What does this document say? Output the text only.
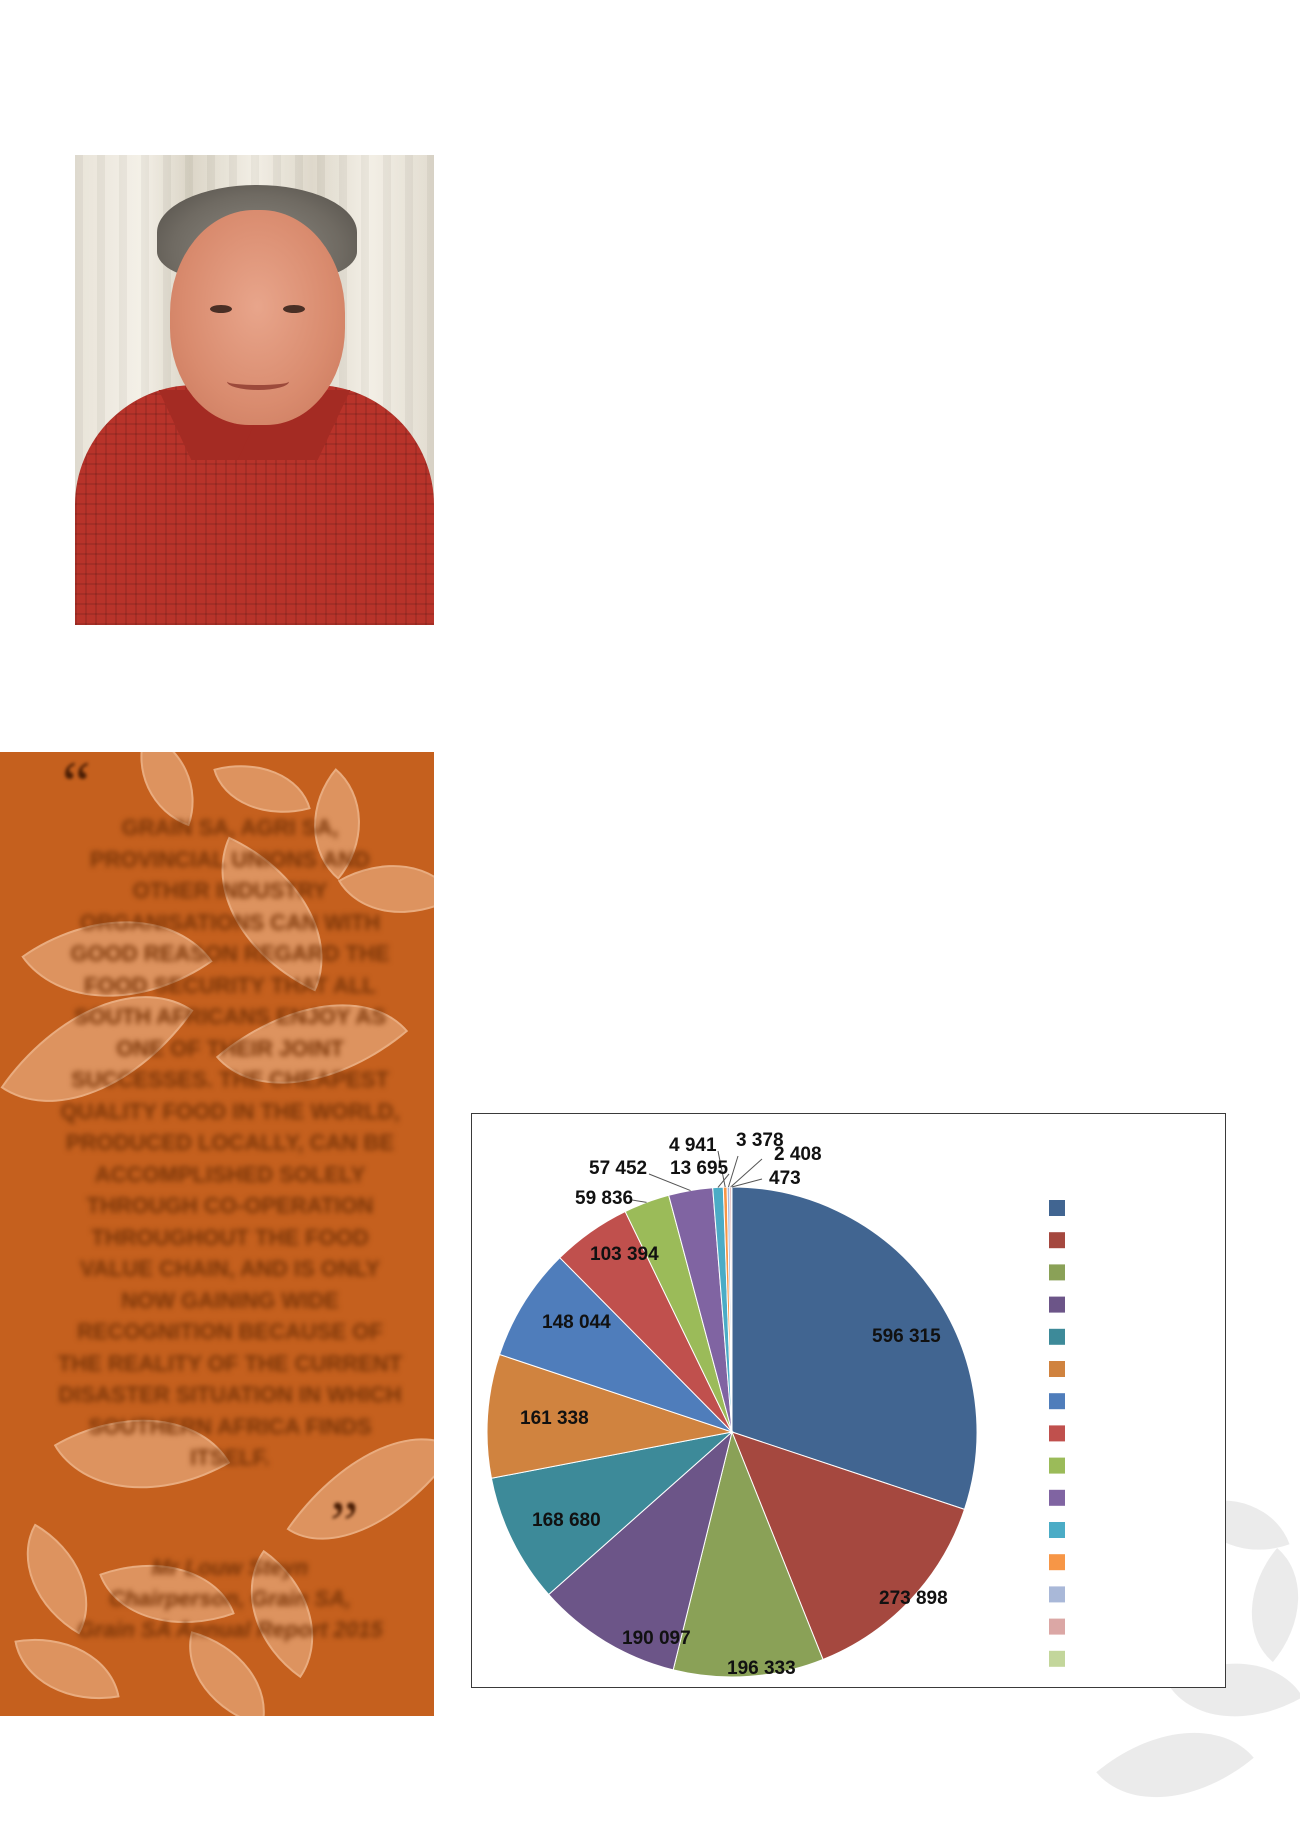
“
GRAIN SA, AGRI SA, PROVINCIAL UNIONS AND OTHER INDUSTRY ORGANISATIONS CAN WITH GOOD REASON REGARD THE FOOD SECURITY THAT ALL SOUTH AFRICANS ENJOY AS ONE OF THEIR JOINT SUCCESSES. THE CHEAPEST QUALITY FOOD IN THE WORLD, PRODUCED LOCALLY, CAN BE ACCOMPLISHED SOLELY THROUGH CO-OPERATION THROUGHOUT THE FOOD VALUE CHAIN, AND IS ONLY NOW GAINING WIDE RECOGNITION BECAUSE OF THE REALITY OF THE CURRENT DISASTER SITUATION IN WHICH SOUTHERN AFRICA FINDS ITSELF.
”
Mr Louw Steyn
Chairperson, Grain SA,
Grain SA Annual Report 2015
596 315
273 898
196 333
190 097
168 680
161 338
148 044
103 394
59 836
57 452 13 695
4 941 3 378
2 408
473
